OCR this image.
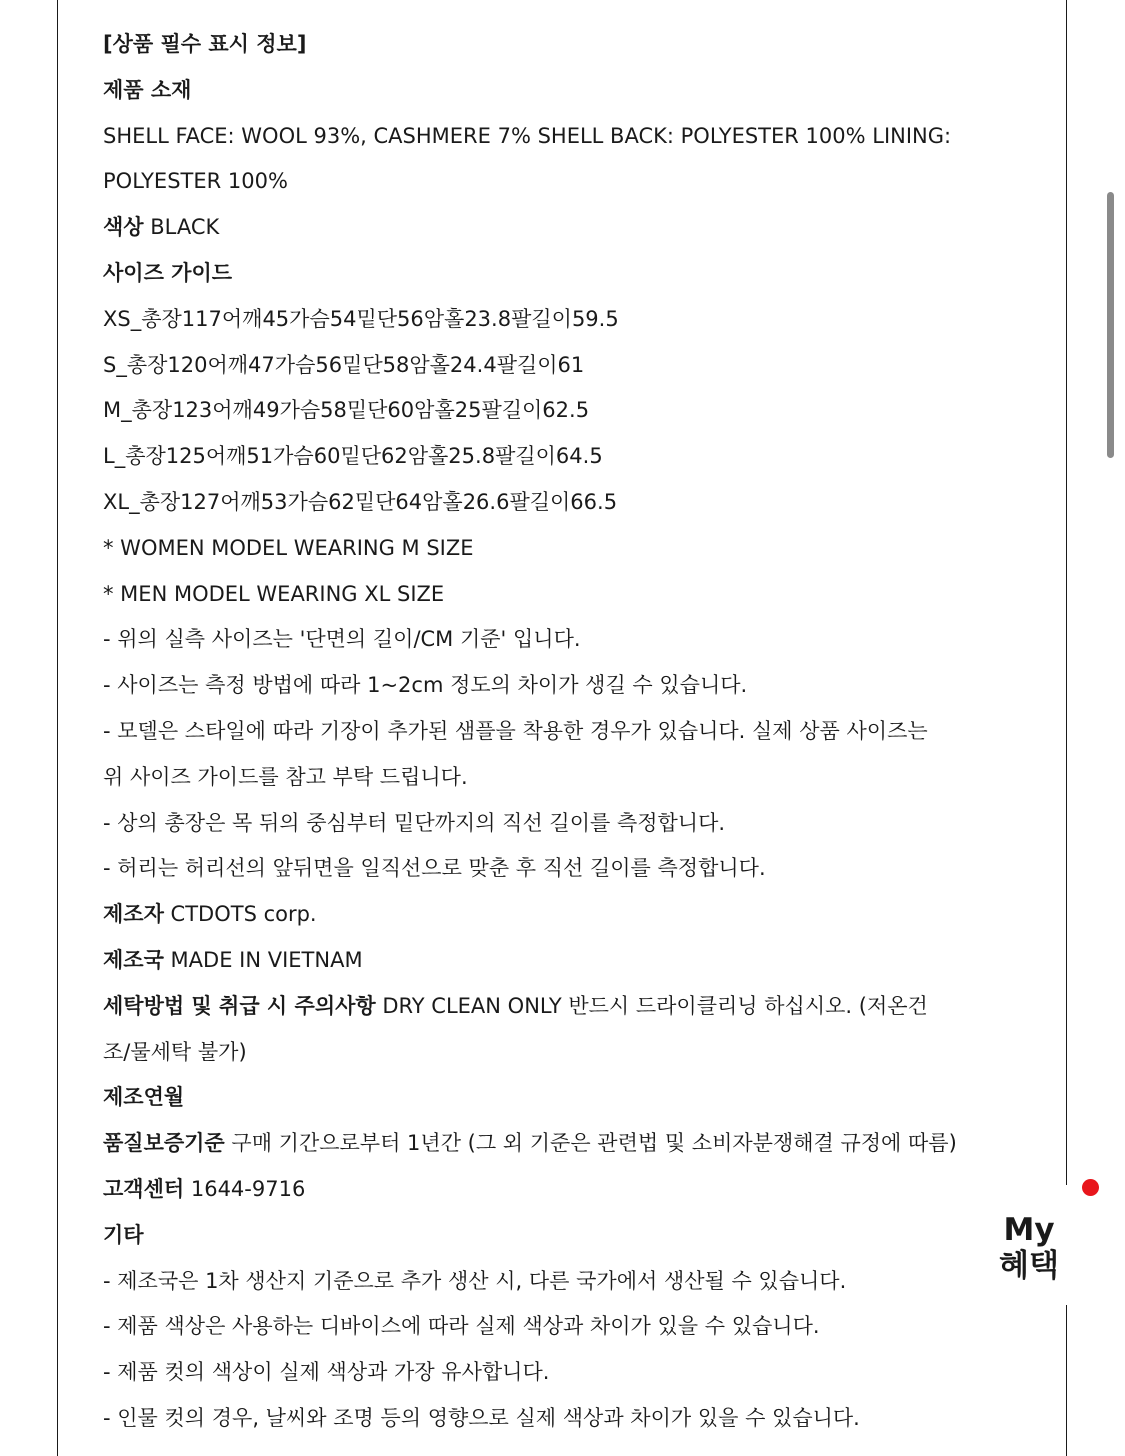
[상품 필수 표시 정보]
제품 소재
SHELL FACE: WOOL 93%, CASHMERE 7% SHELL BACK: POLYESTER 100% LINING:
POLYESTER 100%
색상 BLACK
사이즈 가이드
XS_총장117어깨45가슴54밑단56암홀23.8팔길이59.5
S_총장120어깨47가슴56밑단58암홀24.4팔길이61
M_총장123어깨49가슴58밑단60암홀25팔길이62.5
L_총장125어깨51가슴60밑단62암홀25.8팔길이64.5
XL_총장127어깨53가슴62밑단64암홀26.6팔길이66.5
* WOMEN MODEL WEARING M SIZE
* MEN MODEL WEARING XL SIZE
- 위의 실측 사이즈는 '단면의 길이/CM 기준' 입니다.
- 사이즈는 측정 방법에 따라 1~2cm 정도의 차이가 생길 수 있습니다.
- 모델은 스타일에 따라 기장이 추가된 샘플을 착용한 경우가 있습니다. 실제 상품 사이즈는
위 사이즈 가이드를 참고 부탁 드립니다.
- 상의 총장은 목 뒤의 중심부터 밑단까지의 직선 길이를 측정합니다.
- 허리는 허리선의 앞뒤면을 일직선으로 맞춘 후 직선 길이를 측정합니다.
제조자 CTDOTS corp.
제조국 MADE IN VIETNAM
세탁방법 및 취급 시 주의사항 DRY CLEAN ONLY 반드시 드라이클리닝 하십시오. (저온건
조/물세탁 불가)
제조연월
품질보증기준 구매 기간으로부터 1년간 (그 외 기준은 관련법 및 소비자분쟁해결 규정에 따름)
고객센터 1644-9716
기타
- 제조국은 1차 생산지 기준으로 추가 생산 시, 다른 국가에서 생산될 수 있습니다.
- 제품 색상은 사용하는 디바이스에 따라 실제 색상과 차이가 있을 수 있습니다.
- 제품 컷의 색상이 실제 색상과 가장 유사합니다.
- 인물 컷의 경우, 날씨와 조명 등의 영향으로 실제 색상과 차이가 있을 수 있습니다.
My
혜택
